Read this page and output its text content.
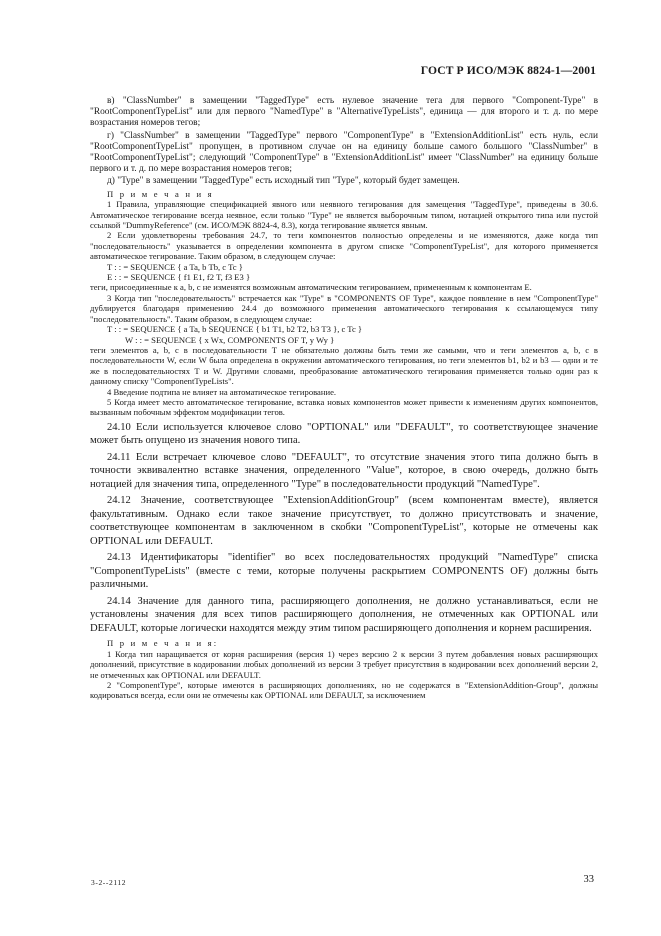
ГОСТ Р ИСО/МЭК 8824-1—2001

в) "ClassNumber" в замещении "TaggedType" есть нулевое значение тега для первого "Component-Type" в "RootComponentTypeList" или для первого "NamedType" в "AlternativeTypeLists", единица — для второго и т. д. по мере возрастания номеров тегов;

г) "ClassNumber" в замещении "TaggedType" первого "ComponentType" в "ExtensionAdditionList" есть нуль, если "RootComponentTypeList" пропущен, в противном случае он на единицу больше самого большого "ClassNumber" в "RootComponentTypeList"; следующий "ComponentType" в "ExtensionAdditionList" имеет "ClassNumber" на единицу больше первого и т. д. по мере возрастания номеров тегов;

д) "Type" в замещении "TaggedType" есть исходный тип "Type", который будет замещен.

П р и м е ч а н и я

1 Правила, управляющие спецификацией явного или неявного тегирования для замещения "TaggedType", приведены в 30.6. Автоматическое тегирование всегда неявное, если только "Type" не является выборочным типом, нотацией открытого типа или пустой ссылкой "DummyReference" (см. ИСО/МЭК 8824-4, 8.3), когда тегирование является явным.

2 Если удовлетворены требования 24.7, то теги компонентов полностью определены и не изменяются, даже когда тип "последовательность" указывается в определении компонента в другом списке "ComponentTypeList", для которого применяется автоматическое тегирование. Таким образом, в следующем случае:

T : : = SEQUENCE { a Ta, b Tb, c Tc }

E : : = SEQUENCE { f1 E1, f2 T, f3 E3 }

теги, присоединенные к a, b, c не изменятся возможным автоматическим тегированием, примененным к компонентам E.

3 Когда тип "последовательность" встречается как "Type" в "COMPONENTS OF Type", каждое появление в нем "ComponentType" дублируется благодаря применению 24.4 до возможного применения автоматического тегирования к ссылающемуся типу "последовательность". Таким образом, в следующем случае:

T : : = SEQUENCE { a Ta, b SEQUENCE { b1 T1, b2 T2, b3 T3 }, c Tc }

W : : = SEQUENCE { x Wx, COMPONENTS OF T, y Wy }

теги элементов a, b, c в последовательности T не обязательно должны быть теми же самыми, что и теги элементов a, b, c в последовательности W, если W была определена в окружении автоматического тегирования, но теги элементов b1, b2 и b3 — одни и те же в последовательностях T и W. Другими словами, преобразование автоматического тегирования применяется только один раз к данному списку "ComponentTypeLists".

4 Введение подтипа не влияет на автоматическое тегирование.

5 Когда имеет место автоматическое тегирование, вставка новых компонентов может привести к изменениям других компонентов, вызванным побочным эффектом модификации тегов.

24.10 Если используется ключевое слово "OPTIONAL" или "DEFAULT", то соответствующее значение может быть опущено из значения нового типа.

24.11 Если встречает ключевое слово "DEFAULT", то отсутствие значения этого типа должно быть в точности эквивалентно вставке значения, определенного "Value", которое, в свою очередь, должно быть нотацией для значения типа, определенного "Type" в последовательности продукций "NamedType".

24.12 Значение, соответствующее "ExtensionAdditionGroup" (всем компонентам вместе), является факультативным. Однако если такое значение присутствует, то должно присутствовать и значение, соответствующее компонентам в заключенном в скобки "ComponentTypeList", которые не отмечены как OPTIONAL или DEFAULT.

24.13 Идентификаторы "identifier" во всех последовательностях продукций "NamedType" списка "ComponentTypeLists" (вместе с теми, которые получены раскрытием COMPONENTS OF) должны быть различными.

24.14 Значение для данного типа, расширяющего дополнения, не должно устанавливаться, если не установлены значения для всех типов расширяющего дополнения, не отмеченных как OPTIONAL или DEFAULT, которые логически находятся между этим типом расширяющего дополнения и корнем расширения.

П р и м е ч а н и я:

1 Когда тип наращивается от корня расширения (версия 1) через версию 2 к версии 3 путем добавления новых расширяющих дополнений, присутствие в кодировании любых дополнений из версии 3 требует присутствия в кодировании всех дополнений версии 2, не отмеченных как OPTIONAL или DEFAULT.

2 "ComponentType", которые имеются в расширяющих дополнениях, но не содержатся в "ExtensionAddition-Group", должны кодироваться всегда, если они не отмечены как OPTIONAL или DEFAULT, за исключением

3-2--2112	33
